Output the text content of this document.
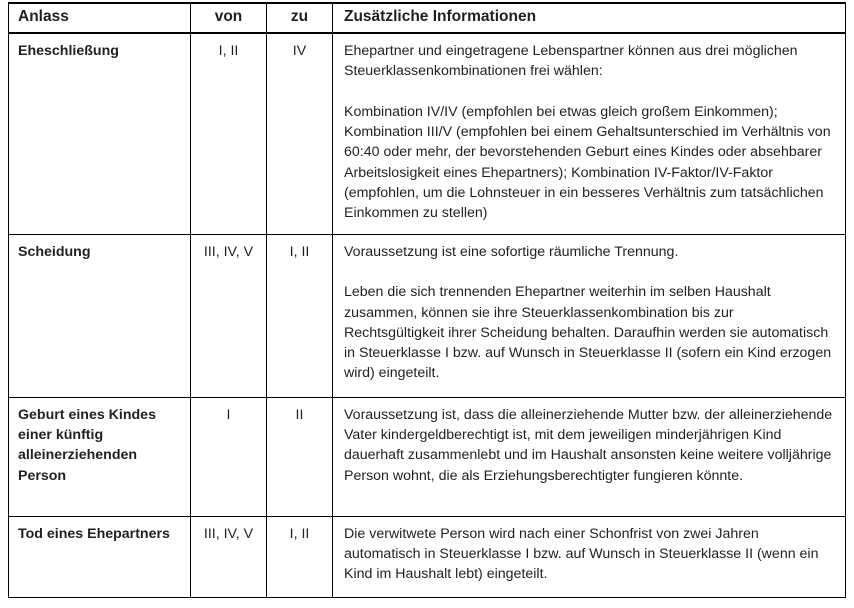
Anlass	von	zu	Zusätzliche Informationen
Eheschließung	I, II	IV	Ehepartner und eingetragene Lebenspartner können aus drei möglichen Steuerklassenkombinationen frei wählen:

Kombination IV/IV (empfohlen bei etwas gleich großem Einkommen); Kombination III/V (empfohlen bei einem Gehaltsunterschied im Verhältnis von 60:40 oder mehr, der bevorstehenden Geburt eines Kindes oder absehbarer Arbeitslosigkeit eines Ehepartners); Kombination IV-Faktor/IV-Faktor (empfohlen, um die Lohnsteuer in ein besseres Verhältnis zum tatsächlichen Einkommen zu stellen)

Scheidung	III, IV, V	I, II	Voraussetzung ist eine sofortige räumliche Trennung.

Leben die sich trennenden Ehepartner weiterhin im selben Haushalt zusammen, können sie ihre Steuerklassenkombination bis zur Rechtsgültigkeit ihrer Scheidung behalten. Daraufhin werden sie automatisch in Steuerklasse I bzw. auf Wunsch in Steuerklasse II (sofern ein Kind erzogen wird) eingeteilt.

Geburt eines Kindes einer künftig alleinerziehenden Person	I	II	Voraussetzung ist, dass die alleinerziehende Mutter bzw. der alleinerziehende Vater kindergeldberechtigt ist, mit dem jeweiligen minderjährigen Kind dauerhaft zusammenlebt und im Haushalt ansonsten keine weitere volljährige Person wohnt, die als Erziehungsberechtigter fungieren könnte.

Tod eines Ehepartners	III, IV, V	I, II	Die verwitwete Person wird nach einer Schonfrist von zwei Jahren automatisch in Steuerklasse I bzw. auf Wunsch in Steuerklasse II (wenn ein Kind im Haushalt lebt) eingeteilt.
